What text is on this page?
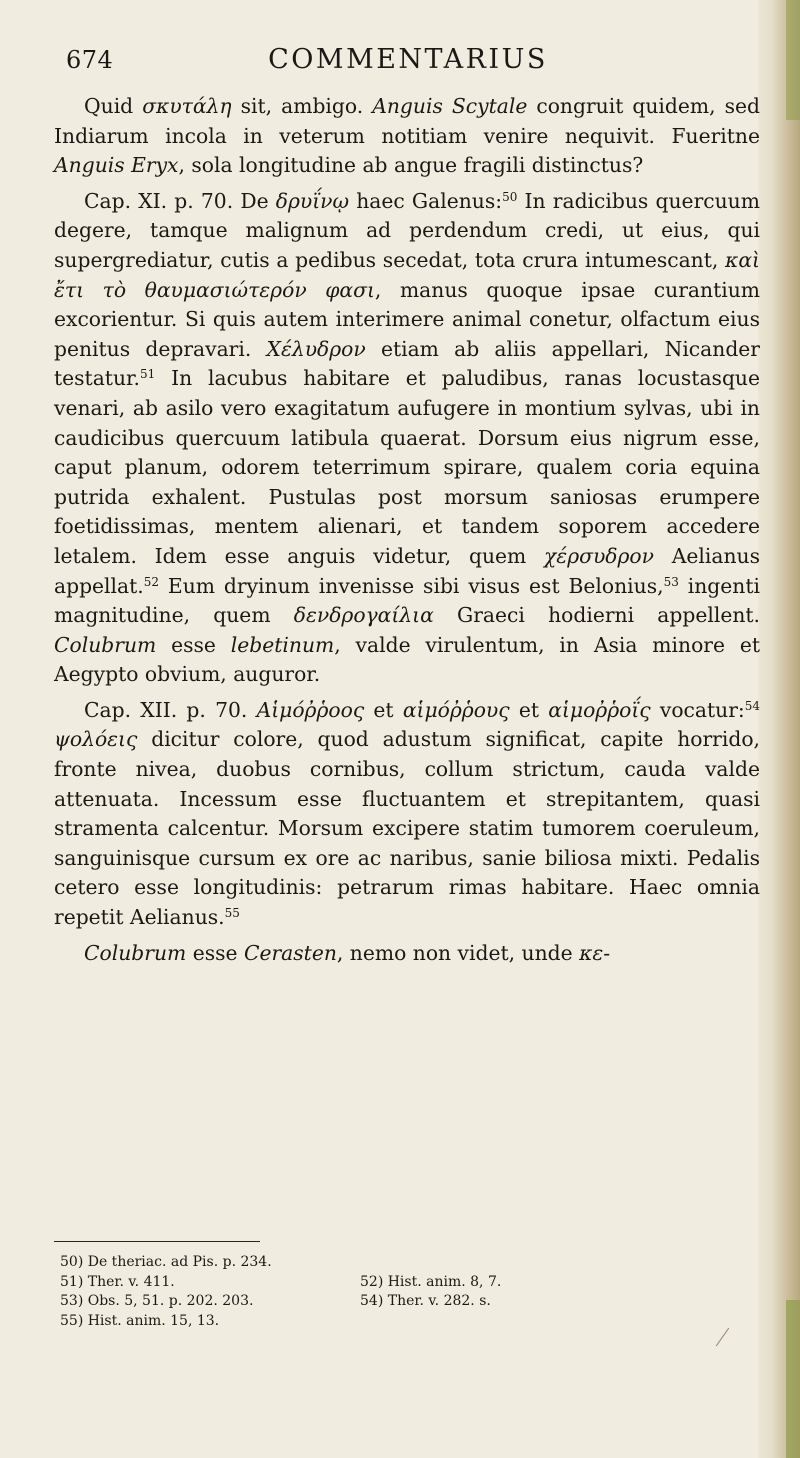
674	COMMENTARIUS

Quid σκυτάλη sit, ambigo. Anguis Scytale congruit quidem, sed Indiarum incola in veterum notitiam venire nequivit. Fueritne Anguis Eryx, sola longitudine ab angue fragili distinctus?

Cap. XI. p. 70. De δρυΐνῳ haec Galenus:$^{50}$ In radicibus quercuum degere, tamque malignum ad perdendum credi, ut eius, qui supergrediatur, cutis a pedibus secedat, tota crura intumescant, καὶ ἔτι τὸ θαυμασιώτερόν φασι, manus quoque ipsae curantium excorientur. Si quis autem interimere animal conetur, olfactum eius penitus depravari. Χέλυδρον etiam ab aliis appellari, Nicander testatur.$^{51}$ In lacubus habitare et paludibus, ranas locustasque venari, ab asilo vero exagitatum aufugere in montium sylvas, ubi in caudicibus quercuum latibula quaerat. Dorsum eius nigrum esse, caput planum, odorem teterrimum spirare, qualem coria equina putrida exhalent. Pustulas post morsum saniosas erumpere foetidissimas, mentem alienari, et tandem soporem accedere letalem. Idem esse anguis videtur, quem χέρσυδρον Aelianus appellat.$^{52}$ Eum dryinum invenisse sibi visus est Belonius,$^{53}$ ingenti magnitudine, quem δενδρογαίλια Graeci hodierni appellent. Colubrum esse lebetinum, valde virulentum, in Asia minore et Aegypto obvium, auguror.

Cap. XII. p. 70. Αἱμόῤῥοος et αἱμόῤῥους et αἱμοῤῥοΐς vocatur:$^{54}$ ψολόεις dicitur colore, quod adustum significat, capite horrido, fronte nivea, duobus cornibus, collum strictum, cauda valde attenuata. Incessum esse fluctuantem et strepitantem, quasi stramenta calcentur. Morsum excipere statim tumorem coeruleum, sanguinisque cursum ex ore ac naribus, sanie biliosa mixti. Pedalis cetero esse longitudinis: petrarum rimas habitare. Haec omnia repetit Aelianus.$^{55}$

Colubrum esse Cerasten, nemo non videt, unde κε-

50) De theriac. ad Pis. p. 234.
51) Ther. v. 411.	52) Hist. anim. 8, 7.
53) Obs. 5, 51. p. 202. 203.	54) Ther. v. 282. s.
55) Hist. anim. 15, 13.
